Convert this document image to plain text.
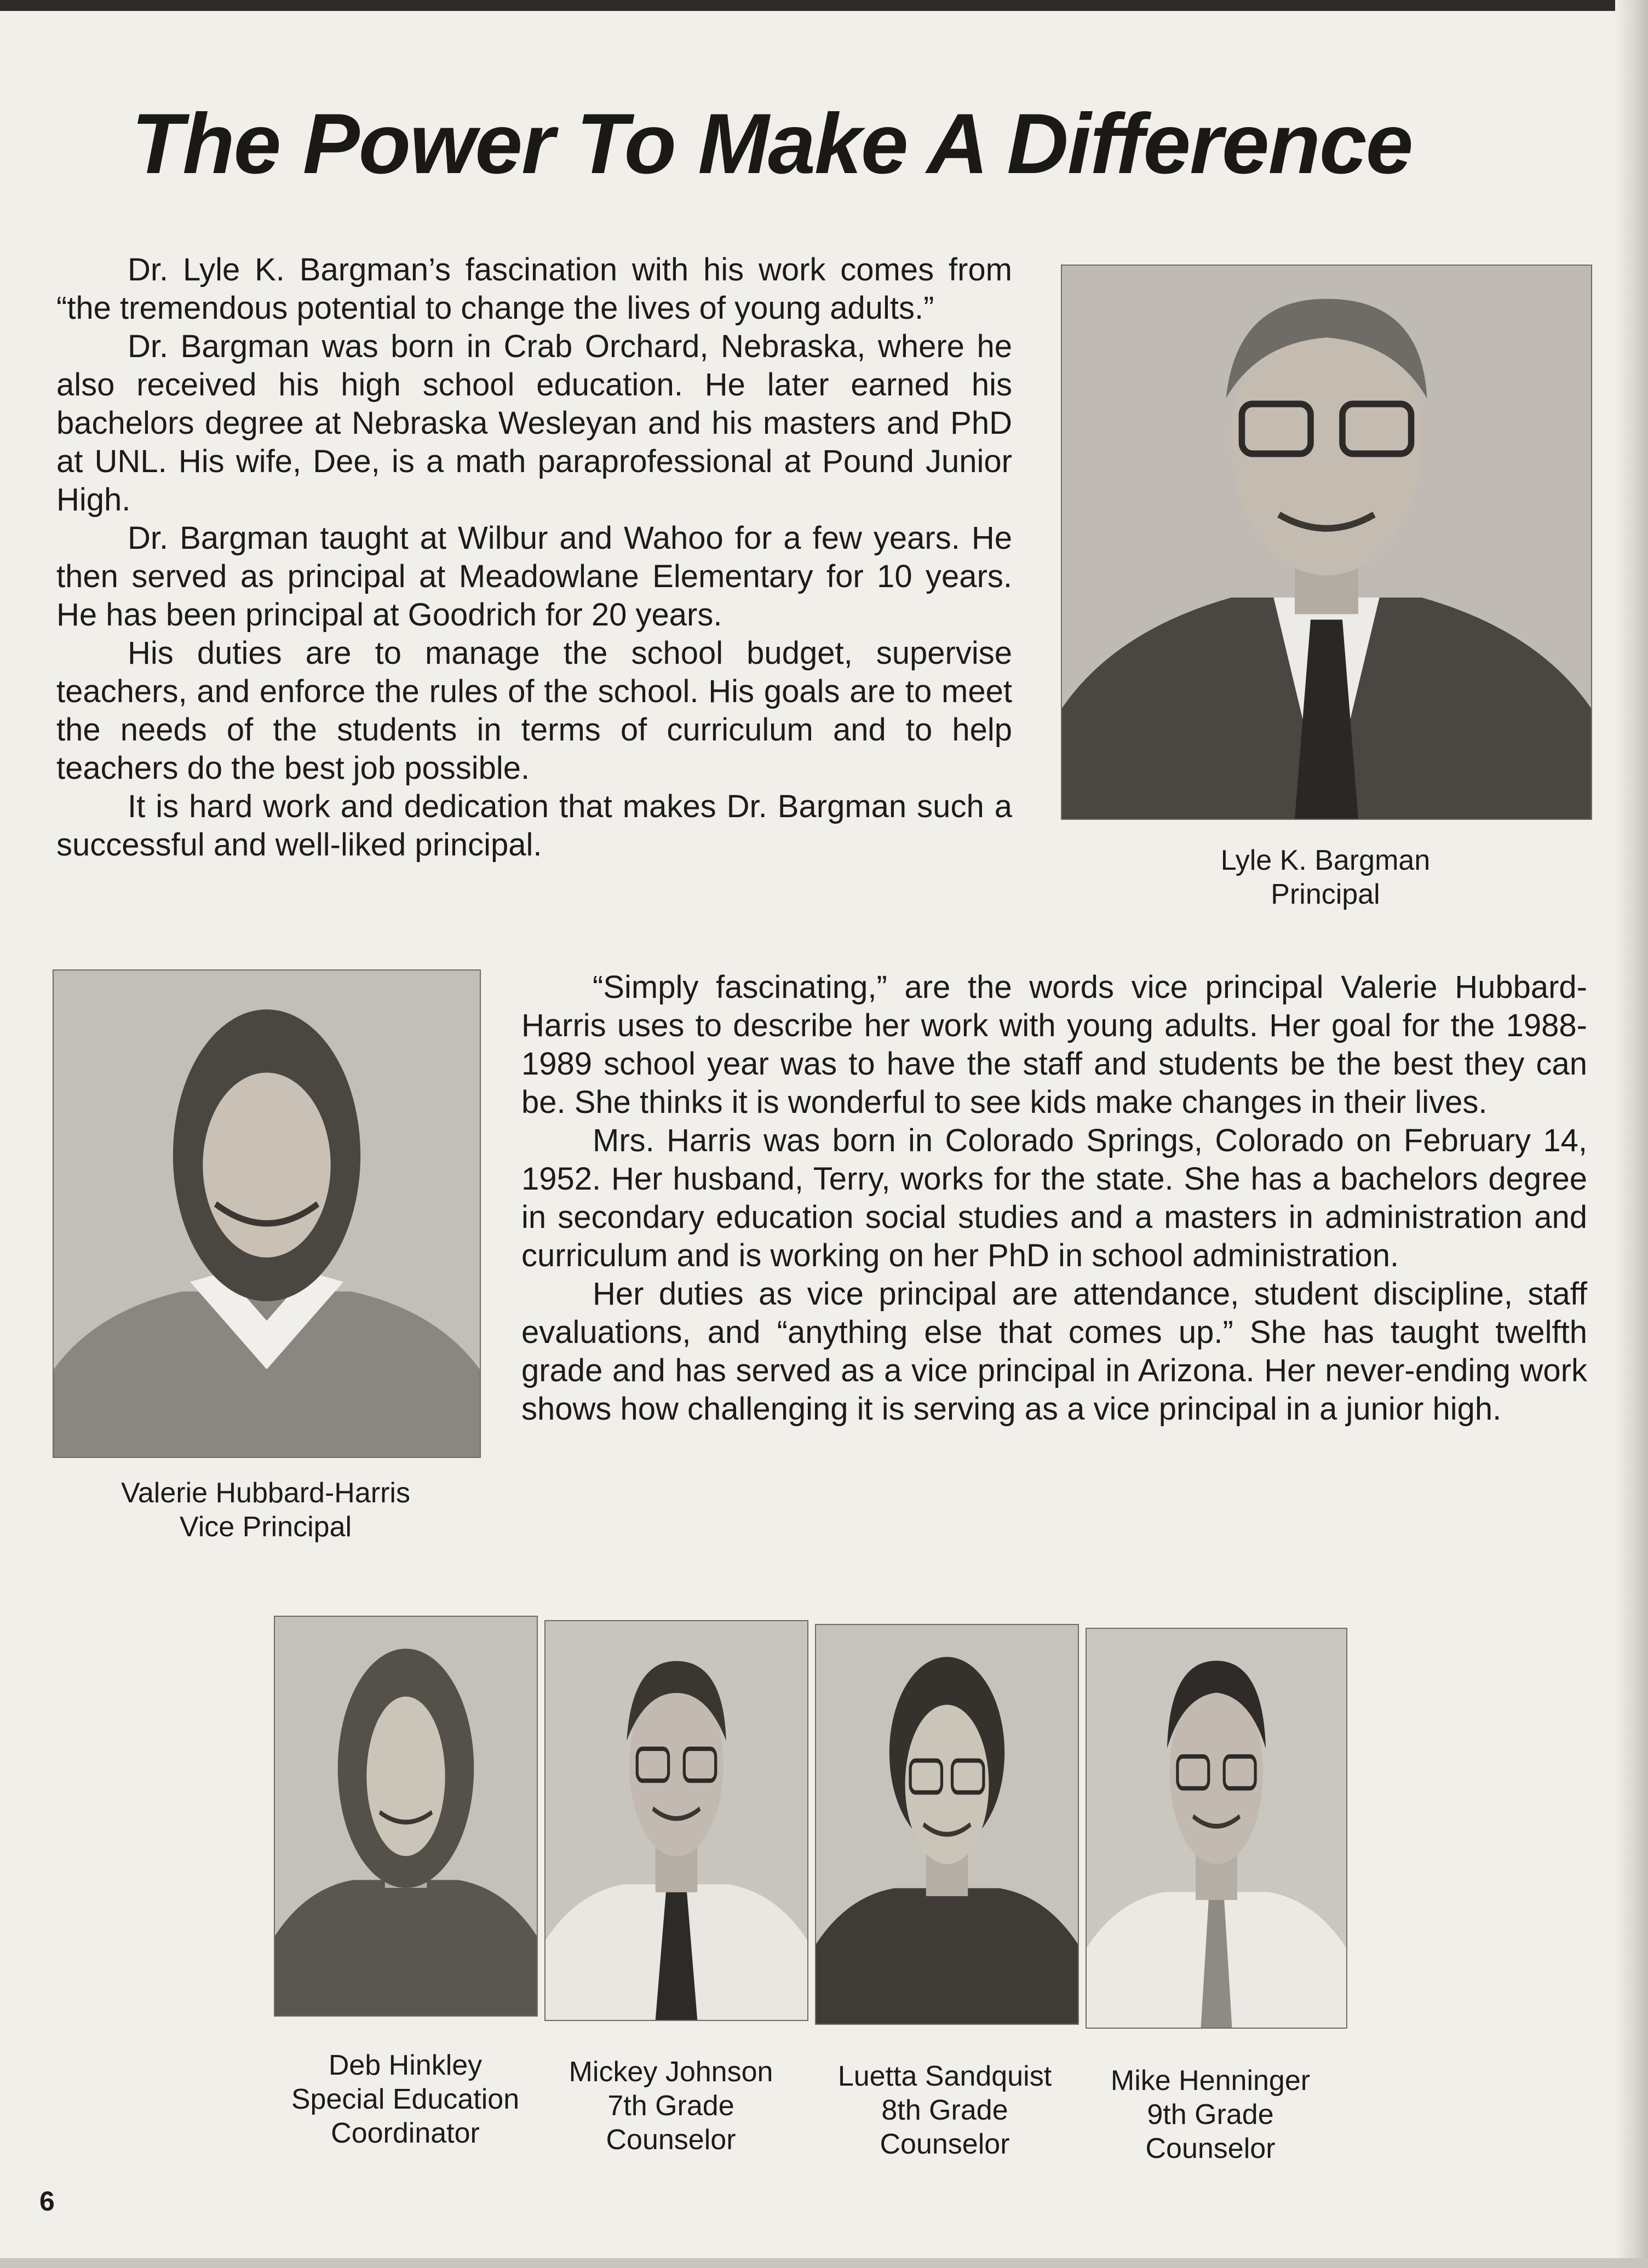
The Power To Make A Difference

Dr. Lyle K. Bargman’s fascination with his work comes from “the tremendous potential to change the lives of young adults.”

Dr. Bargman was born in Crab Orchard, Nebraska, where he also received his high school education. He later earned his bachelors degree at Nebraska Wesleyan and his masters and PhD at UNL. His wife, Dee, is a math paraprofessional at Pound Junior High.

Dr. Bargman taught at Wilbur and Wahoo for a few years. He then served as principal at Meadowlane Elementary for 10 years. He has been principal at Goodrich for 20 years.

His duties are to manage the school budget, supervise teachers, and enforce the rules of the school. His goals are to meet the needs of the students in terms of curriculum and to help teachers do the best job possible.

It is hard work and dedication that makes Dr. Bargman such a successful and well-liked principal.	Lyle K. Bargman
Principal
Valerie Hubbard-Harris
Vice Principal

“Simply fascinating,” are the words vice principal Valerie Hubbard-Harris uses to describe her work with young adults. Her goal for the 1988-1989 school year was to have the staff and students be the best they can be. She thinks it is wonderful to see kids make changes in their lives.

Mrs. Harris was born in Colorado Springs, Colorado on February 14, 1952. Her husband, Terry, works for the state. She has a bachelors degree in secondary education social studies and a masters in administration and curriculum and is working on her PhD in school administration.

Her duties as vice principal are attendance, student discipline, staff evaluations, and “anything else that comes up.” She has taught twelfth grade and has served as a vice principal in Arizona. Her never-ending work shows how challenging it is serving as a vice principal in a junior high.

Deb Hinkley
Special Education
Coordinator
Mickey Johnson
7th Grade
Counselor
Luetta Sandquist
8th Grade
Counselor
Mike Henninger
9th Grade
Counselor
6
